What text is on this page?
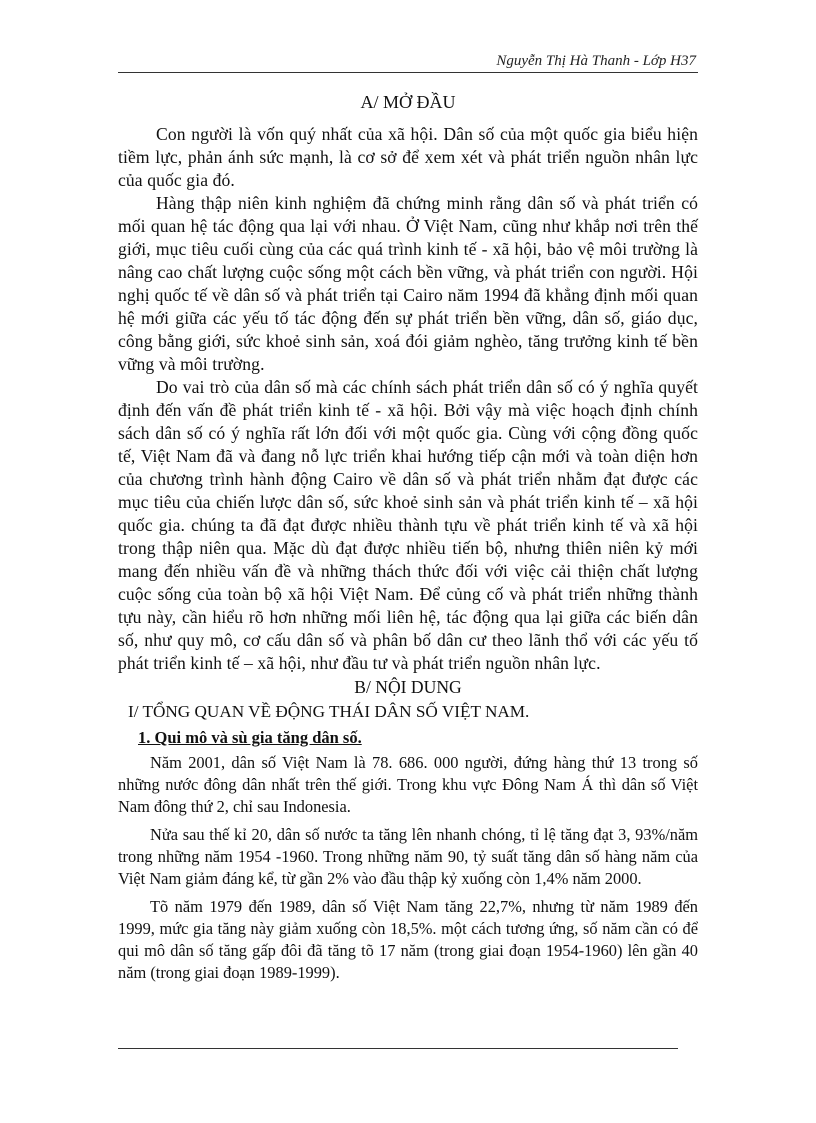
Nguyễn Thị Hà Thanh - Lớp H37
A/ MỞ ĐẦU

Con người là vốn quý nhất của xã hội. Dân số của một quốc gia biểu hiện tiềm lực, phản ánh sức mạnh, là cơ sở để xem xét và phát triển nguồn nhân lực của quốc gia đó.

Hàng thập niên kinh nghiệm đã chứng minh rằng dân số và phát triển có mối quan hệ tác động qua lại với nhau. Ở Việt Nam, cũng như khắp nơi trên thế giới, mục tiêu cuối cùng của các quá trình kinh tế - xã hội, bảo vệ môi trường là nâng cao chất lượng cuộc sống một cách bền vững, và phát triển con người. Hội nghị quốc tế về dân số và phát triển tại Cairo năm 1994 đã khẳng định mối quan hệ mới giữa các yếu tố tác động đến sự phát triển bền vững, dân số, giáo dục, công bằng giới, sức khoẻ sinh sản, xoá đói giảm nghèo, tăng trưởng kinh tế bền vững và môi trường.

Do vai trò của dân số mà các chính sách phát triển dân số có ý nghĩa quyết định đến vấn đề phát triển kinh tế - xã hội. Bởi vậy mà việc hoạch định chính sách dân số có ý nghĩa rất lớn đối với một quốc gia. Cùng với cộng đồng quốc tế, Việt Nam đã và đang nỗ lực triển khai hướng tiếp cận mới và toàn diện hơn của chương trình hành động Cairo về dân số và phát triển nhằm đạt được các mục tiêu của chiến lược dân số, sức khoẻ sinh sản và phát triển kinh tế – xã hội quốc gia. chúng ta đã đạt được nhiều thành tựu về phát triển kinh tế và xã hội trong thập niên qua. Mặc dù đạt được nhiều tiến bộ, nhưng thiên niên kỷ mới mang đến nhiều vấn đề và những thách thức đối với việc cải thiện chất lượng cuộc sống của toàn bộ xã hội Việt Nam. Để củng cố và phát triển những thành tựu này, cần hiểu rõ hơn những mối liên hệ, tác động qua lại giữa các biến dân số, như quy mô, cơ cấu dân số và phân bố dân cư theo lãnh thổ với các yếu tố phát triển kinh tế – xã hội, như đầu tư và phát triển nguồn nhân lực.

B/ NỘI DUNG
I/ TỔNG QUAN VỀ ĐỘNG THÁI DÂN SỐ VIỆT NAM.
1. Qui mô và sù gia tăng dân số.

Năm 2001, dân số Việt Nam là 78. 686. 000 người, đứng hàng thứ 13 trong số những nước đông dân nhất trên thế giới. Trong khu vực Đông Nam Á thì dân số Việt Nam đông thứ 2, chỉ sau Indonesia.

Nửa sau thế kỉ 20, dân số nước ta tăng lên nhanh chóng, tỉ lệ tăng đạt 3, 93%/năm trong những năm 1954 -1960. Trong những năm 90, tỷ suất tăng dân số hàng năm của Việt Nam giảm đáng kể, từ gần 2% vào đầu thập kỷ xuống còn 1,4% năm 2000.

Tõ năm 1979 đến 1989, dân số Việt Nam tăng 22,7%, nhưng từ năm 1989 đến 1999, mức gia tăng này giảm xuống còn 18,5%. một cách tương ứng, số năm cần có để qui mô dân số tăng gấp đôi đã tăng tõ 17 năm (trong giai đoạn 1954-1960) lên gần 40 năm (trong giai đoạn 1989-1999).
